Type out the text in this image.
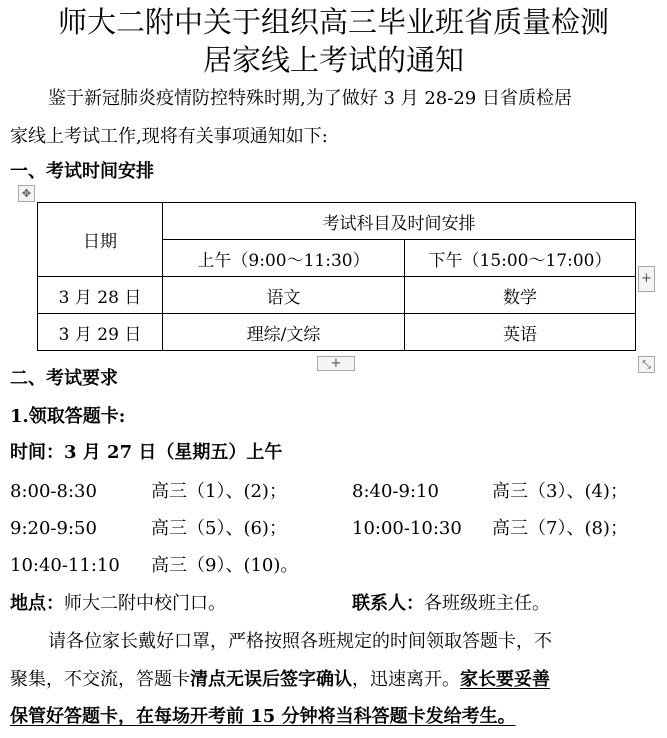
师大二附中关于组织高三毕业班省质量检测
居家线上考试的通知
鉴于新冠肺炎疫情防控特殊时期,为了做好 3 月 28-29 日省质检居
家线上考试工作,现将有关事项通知如下:
一、考试时间安排
✥
日期	考试科目及时间安排	
	上午（9:00～11:30）	下午（15:00～17:00）
3 月 28 日	语文	数学
3 月 29 日	理综/文综	英语
+
+	⤡
二、考试要求
1.领取答题卡:
时间：3 月 27 日（星期五）上午
8:00-8:30	高三（1）、(2)；	8:40-9:10	高三（3）、(4)；
9:20-9:50	高三（5）、(6)；	10:00-10:30 高三（7）、(8)；
10:40-11:10 高三（9）、(10)。
地点：师大二附中校门口。	联系人：各班级班主任。
请各位家长戴好口罩，严格按照各班规定的时间领取答题卡，不
聚集，不交流，答题卡清点无误后签字确认，迅速离开。家长要妥善
保管好答题卡，在每场开考前 15 分钟将当科答题卡发给考生。
